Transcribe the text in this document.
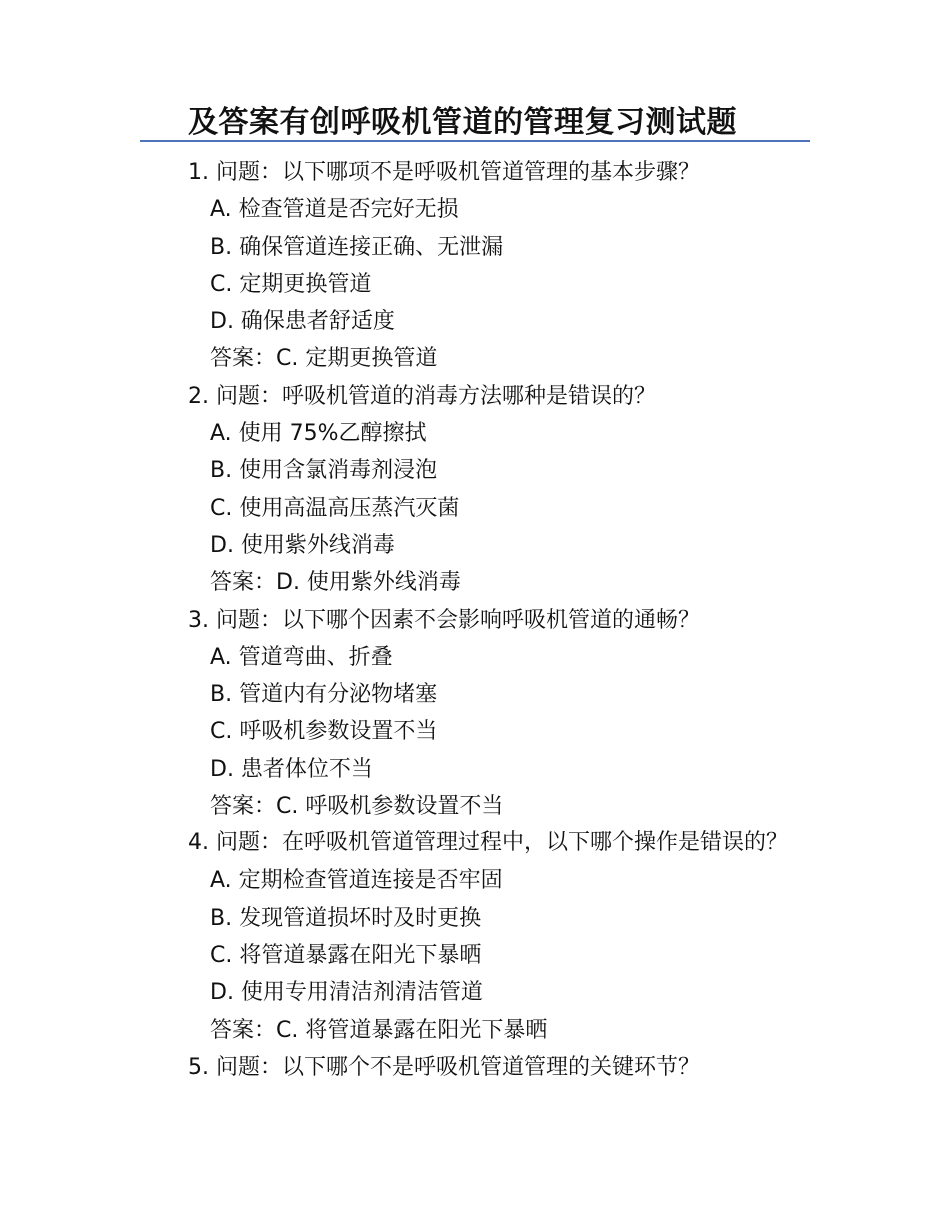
及答案有创呼吸机管道的管理复习测试题
1. 问题：以下哪项不是呼吸机管道管理的基本步骤？
A. 检查管道是否完好无损
B. 确保管道连接正确、无泄漏
C. 定期更换管道
D. 确保患者舒适度
答案：C. 定期更换管道
2. 问题：呼吸机管道的消毒方法哪种是错误的？
A. 使用 75%乙醇擦拭
B. 使用含氯消毒剂浸泡
C. 使用高温高压蒸汽灭菌
D. 使用紫外线消毒
答案：D. 使用紫外线消毒
3. 问题：以下哪个因素不会影响呼吸机管道的通畅？
A. 管道弯曲、折叠
B. 管道内有分泌物堵塞
C. 呼吸机参数设置不当
D. 患者体位不当
答案：C. 呼吸机参数设置不当
4. 问题：在呼吸机管道管理过程中，以下哪个操作是错误的？
A. 定期检查管道连接是否牢固
B. 发现管道损坏时及时更换
C. 将管道暴露在阳光下暴晒
D. 使用专用清洁剂清洁管道
答案：C. 将管道暴露在阳光下暴晒
5. 问题：以下哪个不是呼吸机管道管理的关键环节？
